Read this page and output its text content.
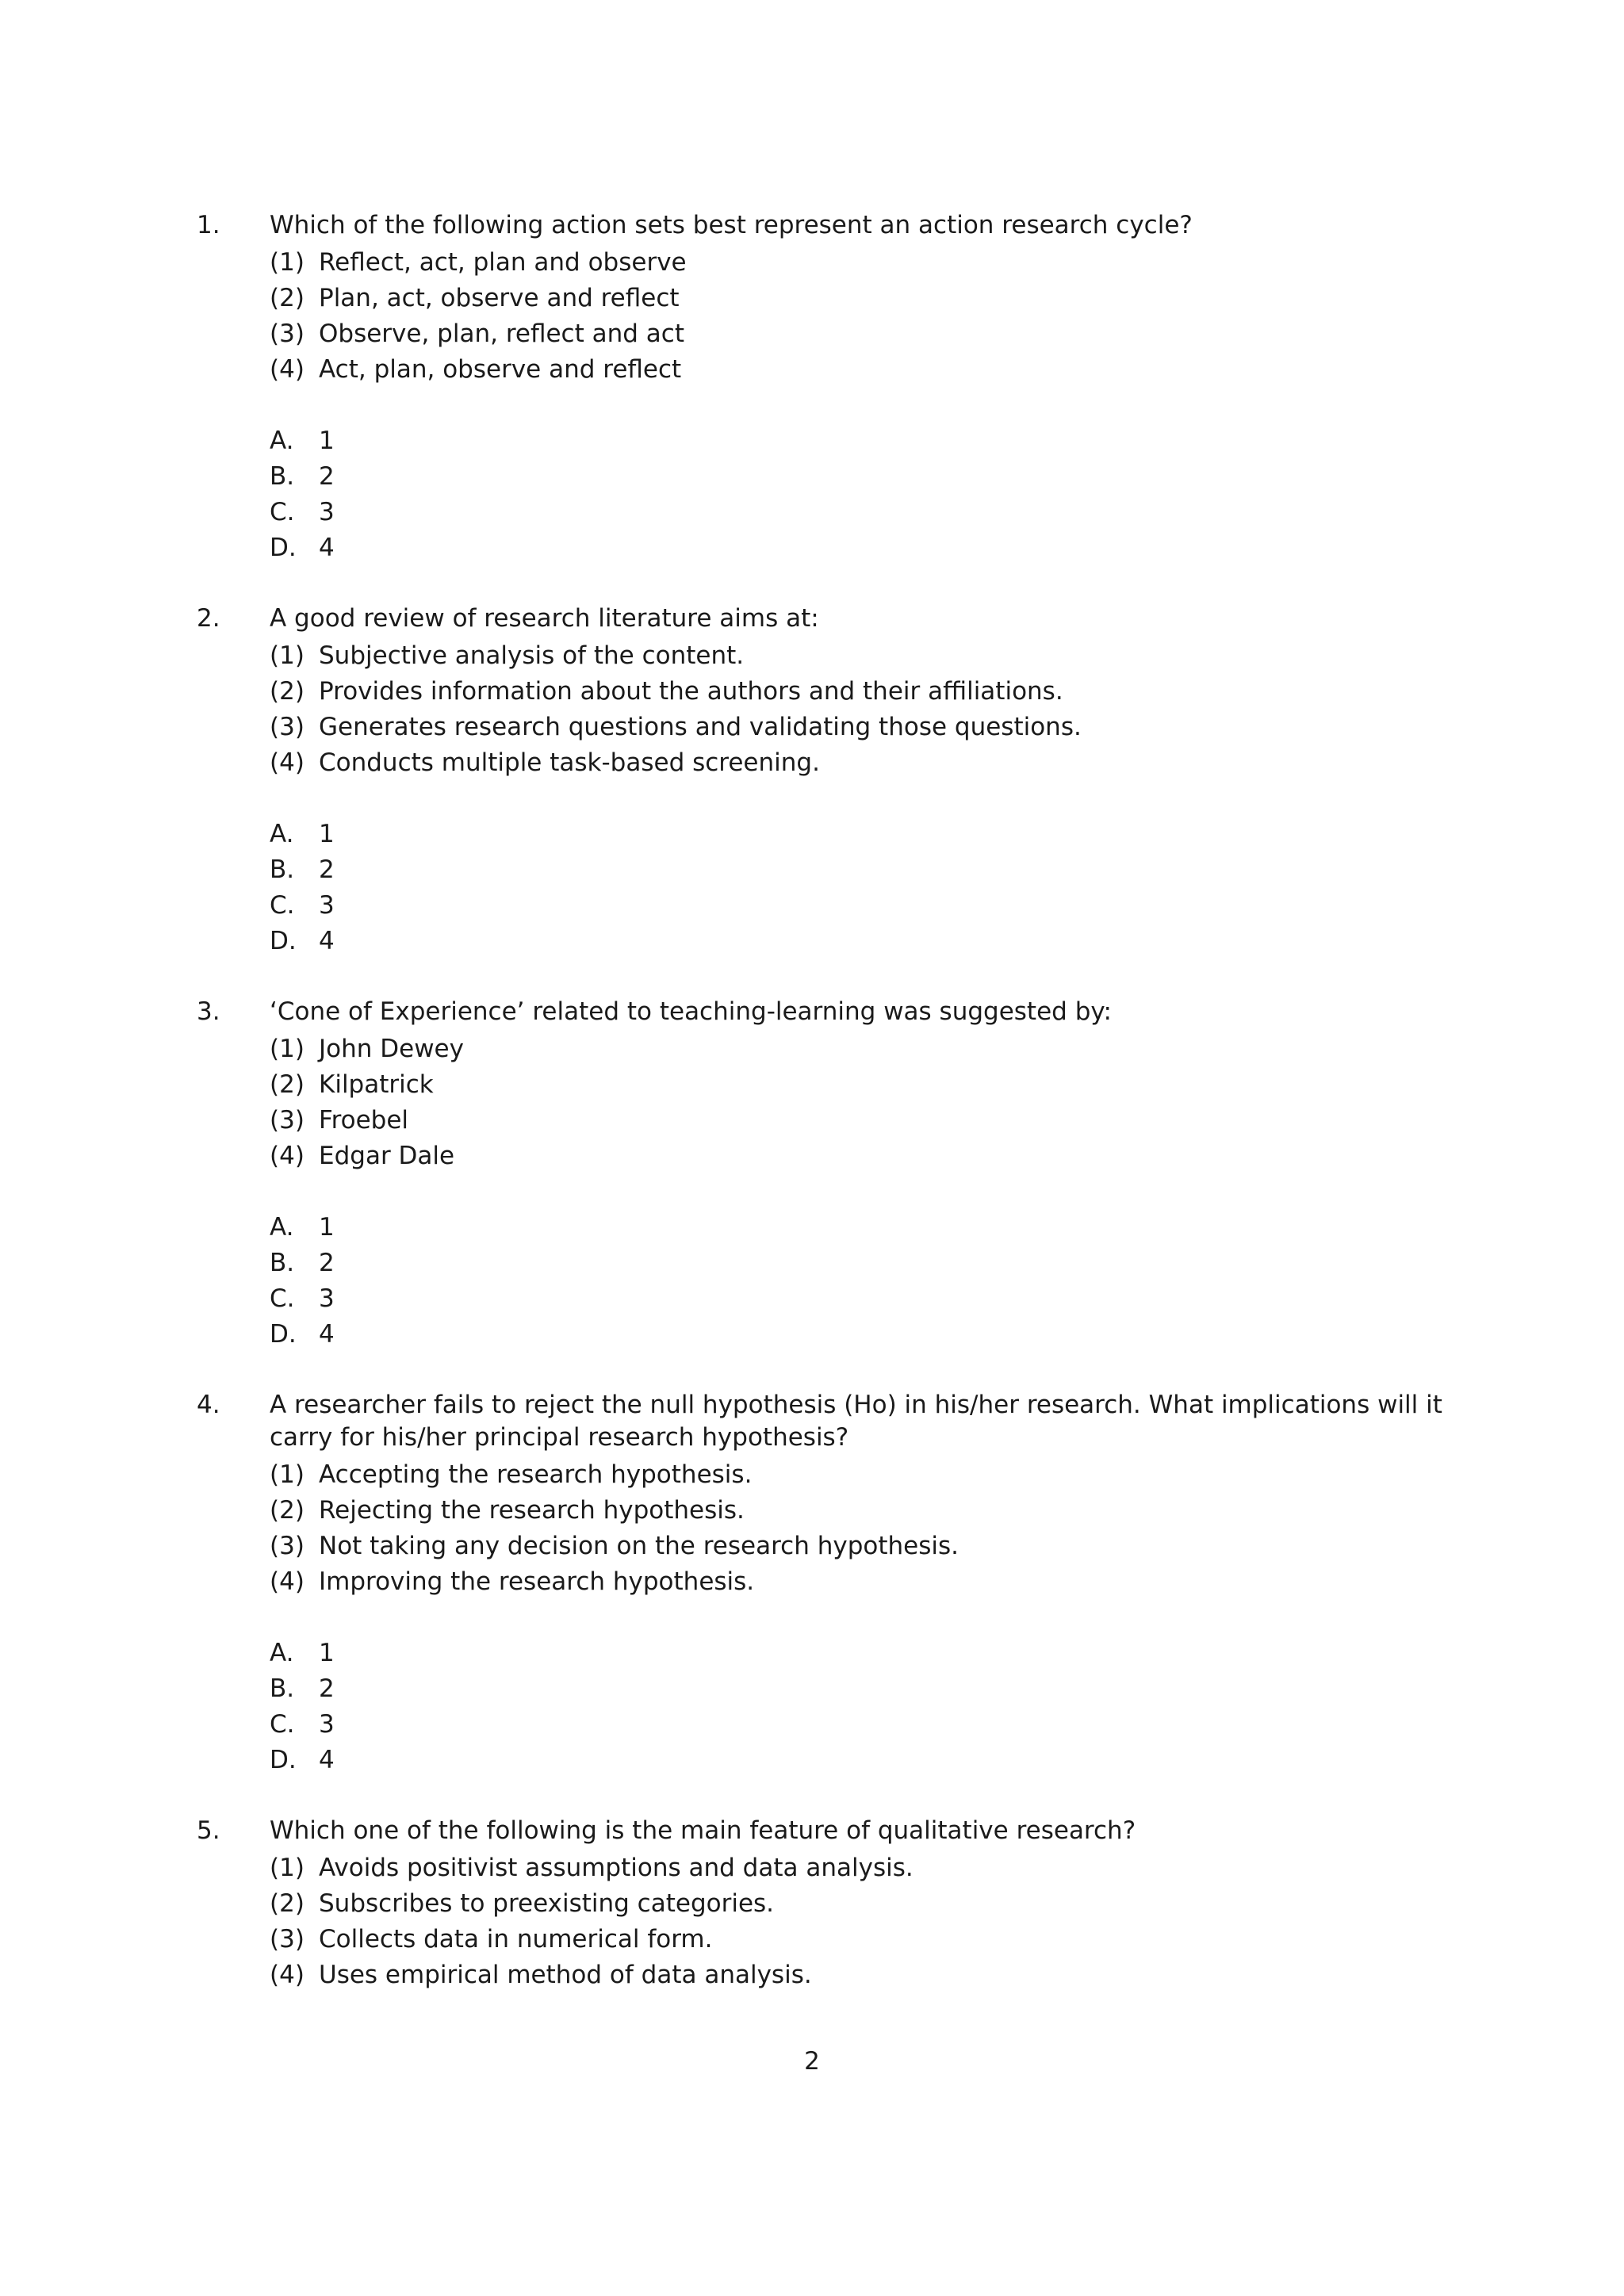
1.	Which of the following action sets best represent an action research cycle?
(1) Reflect, act, plan and observe
(2) Plan, act, observe and reflect
(3) Observe, plan, reflect and act
(4) Act, plan, observe and reflect
A.	1
B. 2
C. 3
D. 4
2.	A good review of research literature aims at:
(1) Subjective analysis of the content.
(2) Provides information about the authors and their affiliations.
(3) Generates research questions and validating those questions.
(4) Conducts multiple task-based screening.
A.	1
B. 2
C. 3
D. 4
3.	‘Cone of Experience’ related to teaching-learning was suggested by:
(1) John Dewey
(2) Kilpatrick
(3) Froebel
(4) Edgar Dale
A.	1
B. 2
C. 3
D. 4
4.	A researcher fails to reject the null hypothesis (Ho) in his/her research. What implications will it carry for his/her principal research hypothesis?
(1) Accepting the research hypothesis.
(2) Rejecting the research hypothesis.
(3) Not taking any decision on the research hypothesis.
(4) Improving the research hypothesis.
A.	1
B. 2
C. 3
D. 4
5.	Which one of the following is the main feature of qualitative research?
(1) Avoids positivist assumptions and data analysis.
(2) Subscribes to preexisting categories.
(3) Collects data in numerical form.
(4) Uses empirical method of data analysis.
2
